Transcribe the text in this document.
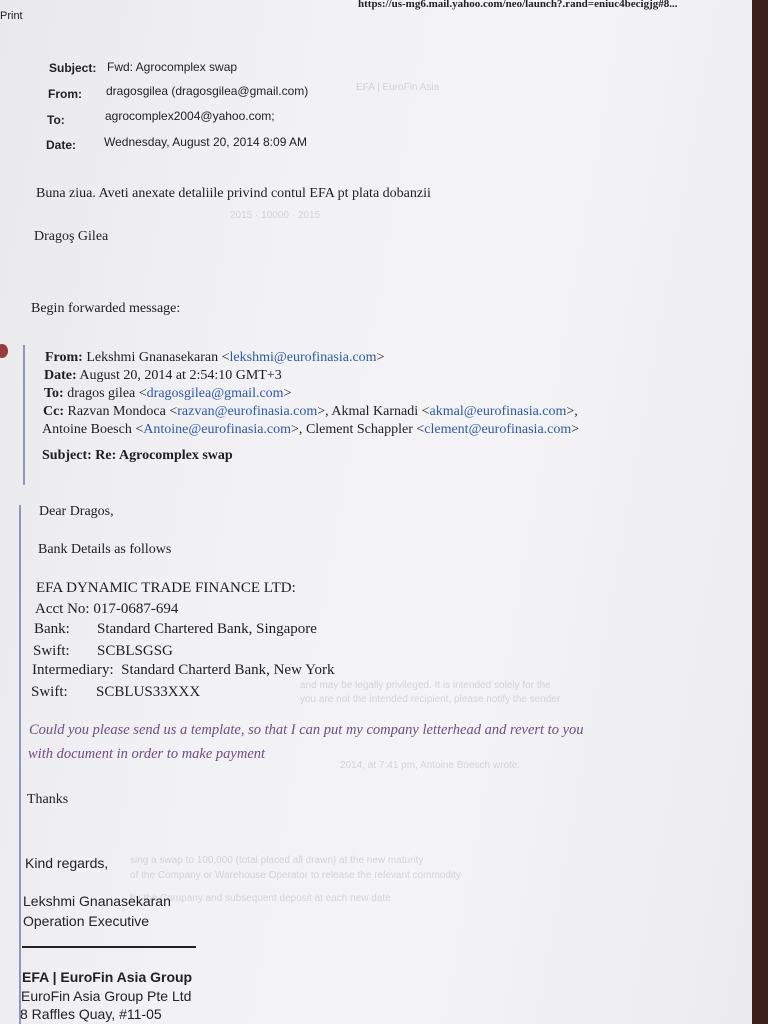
Print
https://us-mg6.mail.yahoo.com/neo/launch?.rand=eniuc4becigjg#8...
Subject: Fwd: Agrocomplex swap
From: dragosgilea (dragosgilea@gmail.com)
To:	agrocomplex2004@yahoo.com;
Date: Wednesday, August 20, 2014 8:09 AM
EFA | EuroFin Asia
2015 · 10000 · 2015
Buna ziua. Aveti anexate detaliile privind contul EFA pt plata dobanzii
Dragoş Gilea
Begin forwarded message:
From: Lekshmi Gnanasekaran <lekshmi@eurofinasia.com>
Date: August 20, 2014 at 2:54:10 GMT+3
To: dragos gilea <dragosgilea@gmail.com>
Cc: Razvan Mondoca <razvan@eurofinasia.com>, Akmal Karnadi <akmal@eurofinasia.com>,
Antoine Boesch <Antoine@eurofinasia.com>, Clement Schappler <clement@eurofinasia.com>
Subject: Re: Agrocomplex swap
Dear Dragos,
Bank Details as follows
EFA DYNAMIC TRADE FINANCE LTD:
Acct No: 017-0687-694
Bank: Standard Chartered Bank, Singapore
Swift: SCBLSGSG
Intermediary: Standard Charterd Bank, New York
Swift: SCBLUS33XXX	and may be legally privileged. It is intended solely for the
you are not the intended recipient, please notify the sender
Could you please send us a template, so that I can put my company letterhead and revert to you
with document in order to make payment
2014, at 7:41 pm, Antoine Boesch wrote:
Thanks
sing a swap to 100,000 (total placed all drawn) at the new maturity
of the Company or Warehouse Operator to release the relevant commodity
by the Company and subsequent deposit at each new date
Kind regards,
Lekshmi Gnanasekaran
Operation Executive
EFA | EuroFin Asia Group
EuroFin Asia Group Pte Ltd
8 Raffles Quay, #11-05
